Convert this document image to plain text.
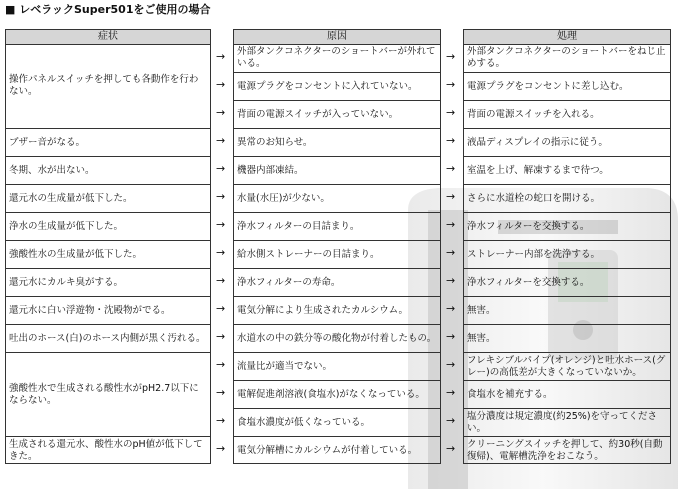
■ レベラックSuper501をご使用の場合
症状
操作パネルスイッチを押しても各動作を行わない。
ブザー音がなる。
冬期、水が出ない。
還元水の生成量が低下した。
浄水の生成量が低下した。
強酸性水の生成量が低下した。
還元水にカルキ臭がする。
還元水に白い浮遊物・沈殿物がでる。
吐出のホース(白)のホース内側が黒く汚れる。
強酸性水で生成される酸性水がpH2.7以下にならない。
生成される還元水、酸性水のpH値が低下してきた。
原因
外部タンクコネクターのショートバーが外れている。
電源プラグをコンセントに入れていない。
背面の電源スイッチが入っていない。
異常のお知らせ。
機器内部凍結。
水量(水圧)が少ない。
浄水フィルターの目詰まり。
給水側ストレーナーの目詰まり。
浄水フィルターの寿命。
電気分解により生成されたカルシウム。
水道水の中の鉄分等の酸化物が付着したもの。
流量比が適当でない。
電解促進剤溶液(食塩水)がなくなっている。
食塩水濃度が低くなっている。
電気分解槽にカルシウムが付着している。
処理
外部タンクコネクターのショートバーをねじ止めする。
電源プラグをコンセントに差し込む。
背面の電源スイッチを入れる。
液晶ディスプレイの指示に従う。
室温を上げ、解凍するまで待つ。
さらに水道栓の蛇口を開ける。
浄水フィルターを交換する。
ストレーナー内部を洗浄する。
浄水フィルターを交換する。
無害。
無害。
フレキシブルパイプ(オレンジ)と吐水ホース(グレー)の高低差が大きくなっていないか。
食塩水を補充する。
塩分濃度は規定濃度(約25%)を守ってください。
クリーニングスイッチを押して、約30秒(自動復帰)、電解槽洗浄をおこなう。
→
→
→
→
→
→
→
→
→
→
→
→
→
→
→
→
→
→
→
→
→
→
→
→
→
→
→
→
→
→
